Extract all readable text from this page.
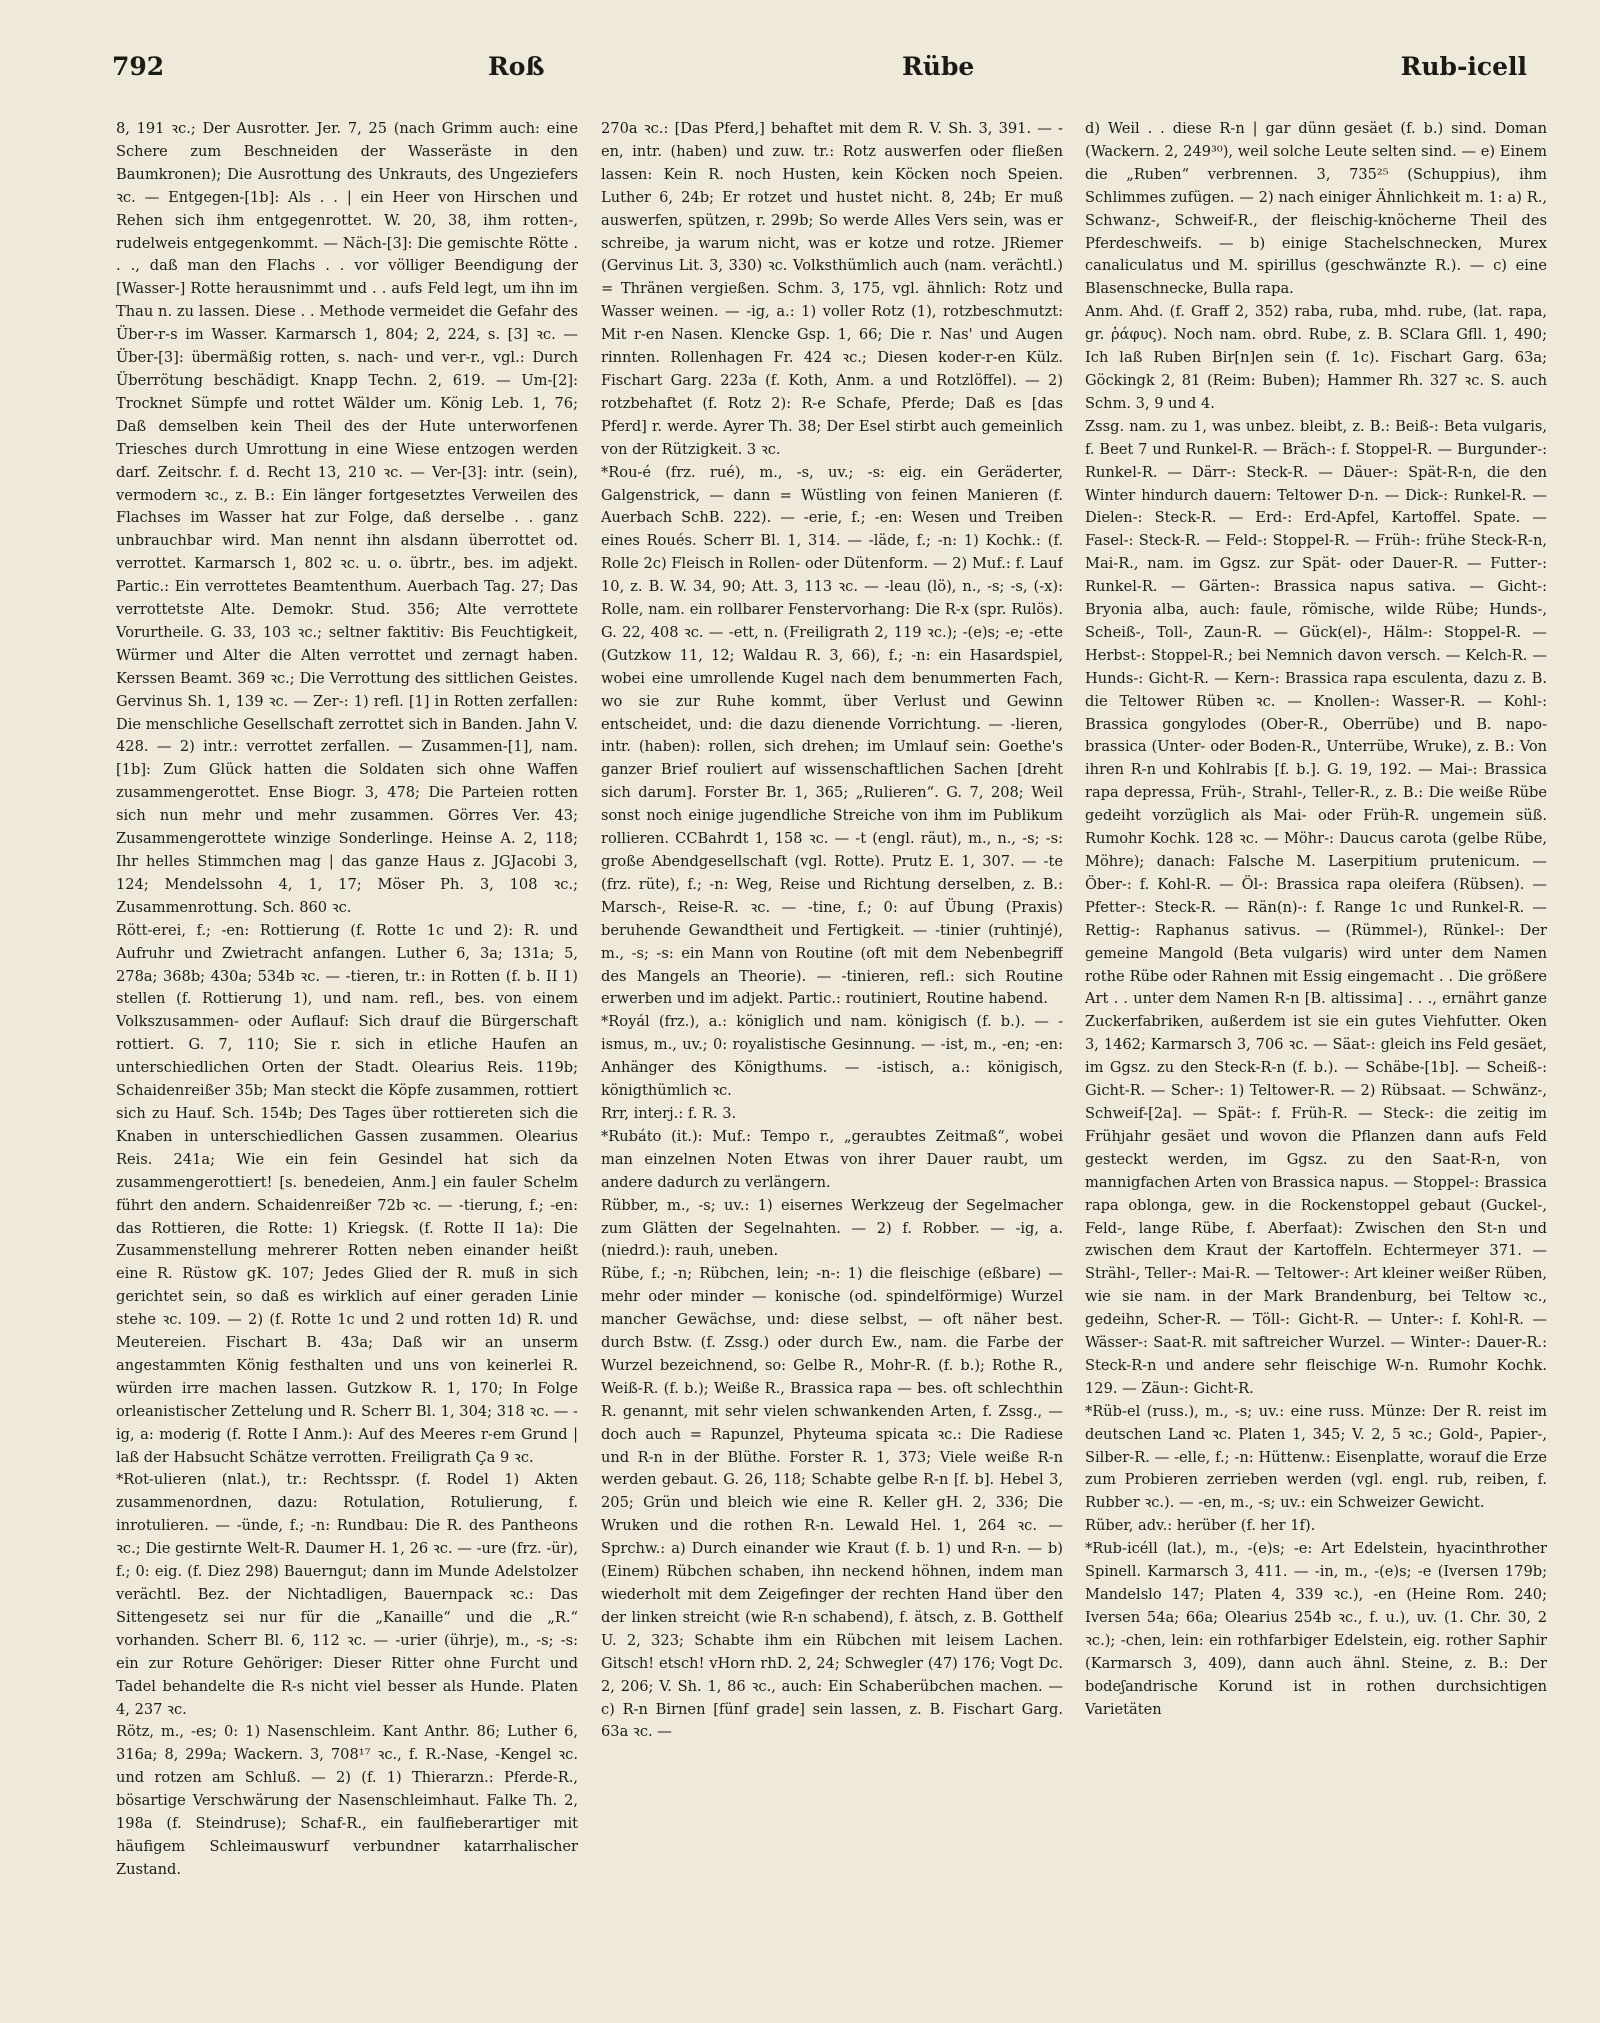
792	Roß	Rübe	Rub-icell

8, 191 ꝛc.; Der Ausrotter. Jer. 7, 25 (nach Grimm auch: eine Schere zum Beschneiden der Wasseräste in den Baumkronen); Die Ausrottung des Unkrauts, des Ungeziefers ꝛc. — Entgegen-[1b]: Als . . | ein Heer von Hirschen und Rehen sich ihm entgegenrottet. W. 20, 38, ihm rotten-, rudelweis entgegenkommt. — Näch-[3]: Die gemischte Rötte . . ., daß man den Flachs . . vor völliger Beendigung der [Wasser-] Rotte herausnimmt und . . aufs Feld legt, um ihn im Thau n. zu lassen. Diese . . Methode vermeidet die Gefahr des Über-r-s im Wasser. Karmarsch 1, 804; 2, 224, s. [3] ꝛc. — Über-[3]: übermäßig rotten, s. nach- und ver-r., vgl.: Durch Überrötung beschädigt. Knapp Techn. 2, 619. — Um-[2]: Trocknet Sümpfe und rottet Wälder um. König Leb. 1, 76; Daß demselben kein Theil des der Hute unterworfenen Triesches durch Umrottung in eine Wiese entzogen werden darf. Zeitschr. f. d. Recht 13, 210 ꝛc. — Ver-[3]: intr. (sein), vermodern ꝛc., z. B.: Ein länger fortgesetztes Verweilen des Flachses im Wasser hat zur Folge, daß derselbe . . ganz unbrauchbar wird. Man nennt ihn alsdann überrottet od. verrottet. Karmarsch 1, 802 ꝛc. u. o. übrtr., bes. im adjekt. Partic.: Ein verrottetes Beamtenthum. Auerbach Tag. 27; Das verrottetste Alte. Demokr. Stud. 356; Alte verrottete Vorurtheile. G. 33, 103 ꝛc.; seltner faktitiv: Bis Feuchtigkeit, Würmer und Alter die Alten verrottet und zernagt haben. Kerssen Beamt. 369 ꝛc.; Die Verrottung des sittlichen Geistes. Gervinus Sh. 1, 139 ꝛc. — Zer-: 1) refl. [1] in Rotten zerfallen: Die menschliche Gesellschaft zerrottet sich in Banden. Jahn V. 428. — 2) intr.: verrottet zerfallen. — Zusammen-[1], nam. [1b]: Zum Glück hatten die Soldaten sich ohne Waffen zusammengerottet. Ense Biogr. 3, 478; Die Parteien rotten sich nun mehr und mehr zusammen. Görres Ver. 43; Zusammengerottete winzige Sonderlinge. Heinse A. 2, 118; Ihr helles Stimmchen mag | das ganze Haus z. JGJacobi 3, 124; Mendelssohn 4, 1, 17; Möser Ph. 3, 108 ꝛc.; Zusammenrottung. Sch. 860 ꝛc.

Rött-erei, f.; -en: Rottierung (f. Rotte 1c und 2): R. und Aufruhr und Zwietracht anfangen. Luther 6, 3a; 131a; 5, 278a; 368b; 430a; 534b ꝛc. — -tieren, tr.: in Rotten (f. b. II 1) stellen (f. Rottierung 1), und nam. refl., bes. von einem Volkszusammen- oder Auflauf: Sich drauf die Bürgerschaft rottiert. G. 7, 110; Sie r. sich in etliche Haufen an unterschiedlichen Orten der Stadt. Olearius Reis. 119b; Schaidenreißer 35b; Man steckt die Köpfe zusammen, rottiert sich zu Hauf. Sch. 154b; Des Tages über rottiereten sich die Knaben in unterschiedlichen Gassen zusammen. Olearius Reis. 241a; Wie ein fein Gesindel hat sich da zusammengerottiert! [s. benedeien, Anm.] ein fauler Schelm führt den andern. Schaidenreißer 72b ꝛc. — -tierung, f.; -en: das Rottieren, die Rotte: 1) Kriegsk. (f. Rotte II 1a): Die Zusammenstellung mehrerer Rotten neben einander heißt eine R. Rüstow gK. 107; Jedes Glied der R. muß in sich gerichtet sein, so daß es wirklich auf einer geraden Linie stehe ꝛc. 109. — 2) (f. Rotte 1c und 2 und rotten 1d) R. und Meutereien. Fischart B. 43a; Daß wir an unserm angestammten König festhalten und uns von keinerlei R. würden irre machen lassen. Gutzkow R. 1, 170; In Folge orleanistischer Zettelung und R. Scherr Bl. 1, 304; 318 ꝛc. — -ig, a: moderig (f. Rotte I Anm.): Auf des Meeres r-em Grund | laß der Habsucht Schätze verrotten. Freiligrath Ça 9 ꝛc.

*Rot-ulieren (nlat.), tr.: Rechtsspr. (f. Rodel 1) Akten zusammenordnen, dazu: Rotulation, Rotulierung, f. inrotulieren. — -ünde, f.; -n: Rundbau: Die R. des Pantheons ꝛc.; Die gestirnte Welt-R. Daumer H. 1, 26 ꝛc. — -ure (frz. -ür), f.; 0: eig. (f. Diez 298) Bauerngut; dann im Munde Adelstolzer verächtl. Bez. der Nichtadligen, Bauernpack ꝛc.: Das Sittengesetz sei nur für die „Kanaille“ und die „R.“ vorhanden. Scherr Bl. 6, 112 ꝛc. — -urier (ührje), m., -s; -s: ein zur Roture Gehöriger: Dieser Ritter ohne Furcht und Tadel behandelte die R-s nicht viel besser als Hunde. Platen 4, 237 ꝛc.

Rötz, m., -es; 0: 1) Nasenschleim. Kant Anthr. 86; Luther 6, 316a; 8, 299a; Wackern. 3, 708¹⁷ ꝛc., f. R.-Nase, -Kengel ꝛc. und rotzen am Schluß. — 2) (f. 1) Thierarzn.: Pferde-R., bösartige Verschwärung der Nasenschleimhaut. Falke Th. 2, 198a (f. Steindruse); Schaf-R., ein faulfieberartiger mit häufigem Schleimauswurf verbundner katarrhalischer Zustand.

270a ꝛc.: [Das Pferd,] behaftet mit dem R. V. Sh. 3, 391. — -en, intr. (haben) und zuw. tr.: Rotz auswerfen oder fließen lassen: Kein R. noch Husten, kein Köcken noch Speien. Luther 6, 24b; Er rotzet und hustet nicht. 8, 24b; Er muß auswerfen, spützen, r. 299b; So werde Alles Vers sein, was er schreibe, ja warum nicht, was er kotze und rotze. JRiemer (Gervinus Lit. 3, 330) ꝛc. Volksthümlich auch (nam. verächtl.) = Thränen vergießen. Schm. 3, 175, vgl. ähnlich: Rotz und Wasser weinen. — -ig, a.: 1) voller Rotz (1), rotzbeschmutzt: Mit r-en Nasen. Klencke Gsp. 1, 66; Die r. Nas' und Augen rinnten. Rollenhagen Fr. 424 ꝛc.; Diesen koder-r-en Külz. Fischart Garg. 223a (f. Koth, Anm. a und Rotzlöffel). — 2) rotzbehaftet (f. Rotz 2): R-e Schafe, Pferde; Daß es [das Pferd] r. werde. Ayrer Th. 38; Der Esel stirbt auch gemeinlich von der Rützigkeit. 3 ꝛc.

*Rou-é (frz. rué), m., -s, uv.; -s: eig. ein Geräderter, Galgenstrick, — dann = Wüstling von feinen Manieren (f. Auerbach SchB. 222). — -erie, f.; -en: Wesen und Treiben eines Roués. Scherr Bl. 1, 314. — -läde, f.; -n: 1) Kochk.: (f. Rolle 2c) Fleisch in Rollen- oder Dütenform. — 2) Muf.: f. Lauf 10, z. B. W. 34, 90; Att. 3, 113 ꝛc. — -leau (lö), n., -s; -s, (-x): Rolle, nam. ein rollbarer Fenstervorhang: Die R-x (spr. Rulös). G. 22, 408 ꝛc. — -ett, n. (Freiligrath 2, 119 ꝛc.); -(e)s; -e; -ette (Gutzkow 11, 12; Waldau R. 3, 66), f.; -n: ein Hasardspiel, wobei eine umrollende Kugel nach dem benummerten Fach, wo sie zur Ruhe kommt, über Verlust und Gewinn entscheidet, und: die dazu dienende Vorrichtung. — -lieren, intr. (haben): rollen, sich drehen; im Umlauf sein: Goethe's ganzer Brief rouliert auf wissenschaftlichen Sachen [dreht sich darum]. Forster Br. 1, 365; „Rulieren“. G. 7, 208; Weil sonst noch einige jugendliche Streiche von ihm im Publikum rollieren. CCBahrdt 1, 158 ꝛc. — -t (engl. räut), m., n., -s; -s: große Abendgesellschaft (vgl. Rotte). Prutz E. 1, 307. — -te (frz. rüte), f.; -n: Weg, Reise und Richtung derselben, z. B.: Marsch-, Reise-R. ꝛc. — -tine, f.; 0: auf Übung (Praxis) beruhende Gewandtheit und Fertigkeit. — -tinier (ruhtinjé), m., -s; -s: ein Mann von Routine (oft mit dem Nebenbegriff des Mangels an Theorie). — -tinieren, refl.: sich Routine erwerben und im adjekt. Partic.: routiniert, Routine habend.

*Royál (frz.), a.: königlich und nam. königisch (f. b.). — -ismus, m., uv.; 0: royalistische Gesinnung. — -ist, m., -en; -en: Anhänger des Königthums. — -istisch, a.: königisch, königthümlich ꝛc.

Rrr, interj.: f. R. 3.

*Rubáto (it.): Muf.: Tempo r., „geraubtes Zeitmaß“, wobei man einzelnen Noten Etwas von ihrer Dauer raubt, um andere dadurch zu verlängern.

Rübber, m., -s; uv.: 1) eisernes Werkzeug der Segelmacher zum Glätten der Segelnahten. — 2) f. Robber. — -ig, a. (niedrd.): rauh, uneben.

Rübe, f.; -n; Rübchen, lein; -n-: 1) die fleischige (eßbare) — mehr oder minder — konische (od. spindelförmige) Wurzel mancher Gewächse, und: diese selbst, — oft näher best. durch Bstw. (f. Zssg.) oder durch Ew., nam. die Farbe der Wurzel bezeichnend, so: Gelbe R., Mohr-R. (f. b.); Rothe R., Weiß-R. (f. b.); Weiße R., Brassica rapa — bes. oft schlechthin R. genannt, mit sehr vielen schwankenden Arten, f. Zssg., — doch auch = Rapunzel, Phyteuma spicata ꝛc.: Die Radiese und R-n in der Blüthe. Forster R. 1, 373; Viele weiße R-n werden gebaut. G. 26, 118; Schabte gelbe R-n [f. b]. Hebel 3, 205; Grün und bleich wie eine R. Keller gH. 2, 336; Die Wruken und die rothen R-n. Lewald Hel. 1, 264 ꝛc. — Sprchw.: a) Durch einander wie Kraut (f. b. 1) und R-n. — b) (Einem) Rübchen schaben, ihn neckend höhnen, indem man wiederholt mit dem Zeigefinger der rechten Hand über den der linken streicht (wie R-n schabend), f. ätsch, z. B. Gotthelf U. 2, 323; Schabte ihm ein Rübchen mit leisem Lachen. Gitsch! etsch! vHorn rhD. 2, 24; Schwegler (47) 176; Vogt Dc. 2, 206; V. Sh. 1, 86 ꝛc., auch: Ein Schaberübchen machen. — c) R-n Birnen [fünf grade] sein lassen, z. B. Fischart Garg. 63a ꝛc. —

d) Weil . . diese R-n | gar dünn gesäet (f. b.) sind. Doman (Wackern. 2, 249³⁰), weil solche Leute selten sind. — e) Einem die „Ruben“ verbrennen. 3, 735²⁵ (Schuppius), ihm Schlimmes zufügen. — 2) nach einiger Ähnlichkeit m. 1: a) R., Schwanz-, Schweif-R., der fleischig-knöcherne Theil des Pferdeschweifs. — b) einige Stachelschnecken, Murex canaliculatus und M. spirillus (geschwänzte R.). — c) eine Blasenschnecke, Bulla rapa.

Anm. Ahd. (f. Graff 2, 352) raba, ruba, mhd. rube, (lat. rapa, gr. ῥάφυς). Noch nam. obrd. Rube, z. B. SClara Gfll. 1, 490; Ich laß Ruben Bir[n]en sein (f. 1c). Fischart Garg. 63a; Göckingk 2, 81 (Reim: Buben); Hammer Rh. 327 ꝛc. S. auch Schm. 3, 9 und 4.

Zssg. nam. zu 1, was unbez. bleibt, z. B.: Beiß-: Beta vulgaris, f. Beet 7 und Runkel-R. — Bräch-: f. Stoppel-R. — Burgunder-: Runkel-R. — Därr-: Steck-R. — Däuer-: Spät-R-n, die den Winter hindurch dauern: Teltower D-n. — Dick-: Runkel-R. — Dielen-: Steck-R. — Erd-: Erd-Apfel, Kartoffel. Spate. — Fasel-: Steck-R. — Feld-: Stoppel-R. — Früh-: frühe Steck-R-n, Mai-R., nam. im Ggsz. zur Spät- oder Dauer-R. — Futter-: Runkel-R. — Gärten-: Brassica napus sativa. — Gicht-: Bryonia alba, auch: faule, römische, wilde Rübe; Hunds-, Scheiß-, Toll-, Zaun-R. — Gück(el)-, Hälm-: Stoppel-R. — Herbst-: Stoppel-R.; bei Nemnich davon versch. — Kelch-R. — Hunds-: Gicht-R. — Kern-: Brassica rapa esculenta, dazu z. B. die Teltower Rüben ꝛc. — Knollen-: Wasser-R. — Kohl-: Brassica gongylodes (Ober-R., Oberrübe) und B. napo-brassica (Unter- oder Boden-R., Unterrübe, Wruke), z. B.: Von ihren R-n und Kohlrabis [f. b.]. G. 19, 192. — Mai-: Brassica rapa depressa, Früh-, Strahl-, Teller-R., z. B.: Die weiße Rübe gedeiht vorzüglich als Mai- oder Früh-R. ungemein süß. Rumohr Kochk. 128 ꝛc. — Möhr-: Daucus carota (gelbe Rübe, Möhre); danach: Falsche M. Laserpitium prutenicum. — Öber-: f. Kohl-R. — Öl-: Brassica rapa oleifera (Rübsen). — Pfetter-: Steck-R. — Rän(n)-: f. Range 1c und Runkel-R. — Rettig-: Raphanus sativus. — (Rümmel-), Rünkel-: Der gemeine Mangold (Beta vulgaris) wird unter dem Namen rothe Rübe oder Rahnen mit Essig eingemacht . . Die größere Art . . unter dem Namen R-n [B. altissima] . . ., ernährt ganze Zuckerfabriken, außerdem ist sie ein gutes Viehfutter. Oken 3, 1462; Karmarsch 3, 706 ꝛc. — Säat-: gleich ins Feld gesäet, im Ggsz. zu den Steck-R-n (f. b.). — Schäbe-[1b]. — Scheiß-: Gicht-R. — Scher-: 1) Teltower-R. — 2) Rübsaat. — Schwänz-, Schweif-[2a]. — Spät-: f. Früh-R. — Steck-: die zeitig im Frühjahr gesäet und wovon die Pflanzen dann aufs Feld gesteckt werden, im Ggsz. zu den Saat-R-n, von mannigfachen Arten von Brassica napus. — Stoppel-: Brassica rapa oblonga, gew. in die Rockenstoppel gebaut (Guckel-, Feld-, lange Rübe, f. Aberfaat): Zwischen den St-n und zwischen dem Kraut der Kartoffeln. Echtermeyer 371. — Strähl-, Teller-: Mai-R. — Teltower-: Art kleiner weißer Rüben, wie sie nam. in der Mark Brandenburg, bei Teltow ꝛc., gedeihn, Scher-R. — Töll-: Gicht-R. — Unter-: f. Kohl-R. — Wässer-: Saat-R. mit saftreicher Wurzel. — Winter-: Dauer-R.: Steck-R-n und andere sehr fleischige W-n. Rumohr Kochk. 129. — Zäun-: Gicht-R.

*Rüb-el (russ.), m., -s; uv.: eine russ. Münze: Der R. reist im deutschen Land ꝛc. Platen 1, 345; V. 2, 5 ꝛc.; Gold-, Papier-, Silber-R. — -elle, f.; -n: Hüttenw.: Eisenplatte, worauf die Erze zum Probieren zerrieben werden (vgl. engl. rub, reiben, f. Rubber ꝛc.). — -en, m., -s; uv.: ein Schweizer Gewicht.

Rüber, adv.: herüber (f. her 1f).

*Rub-icéll (lat.), m., -(e)s; -e: Art Edelstein, hyacinthrother Spinell. Karmarsch 3, 411. — -in, m., -(e)s; -e (Iversen 179b; Mandelslo 147; Platen 4, 339 ꝛc.), -en (Heine Rom. 240; Iversen 54a; 66a; Olearius 254b ꝛc., f. u.), uv. (1. Chr. 30, 2 ꝛc.); -chen, lein: ein rothfarbiger Edelstein, eig. rother Saphir (Karmarsch 3, 409), dann auch ähnl. Steine, z. B.: Der bodeʃandrische Korund ist in rothen durchsichtigen Varietäten
